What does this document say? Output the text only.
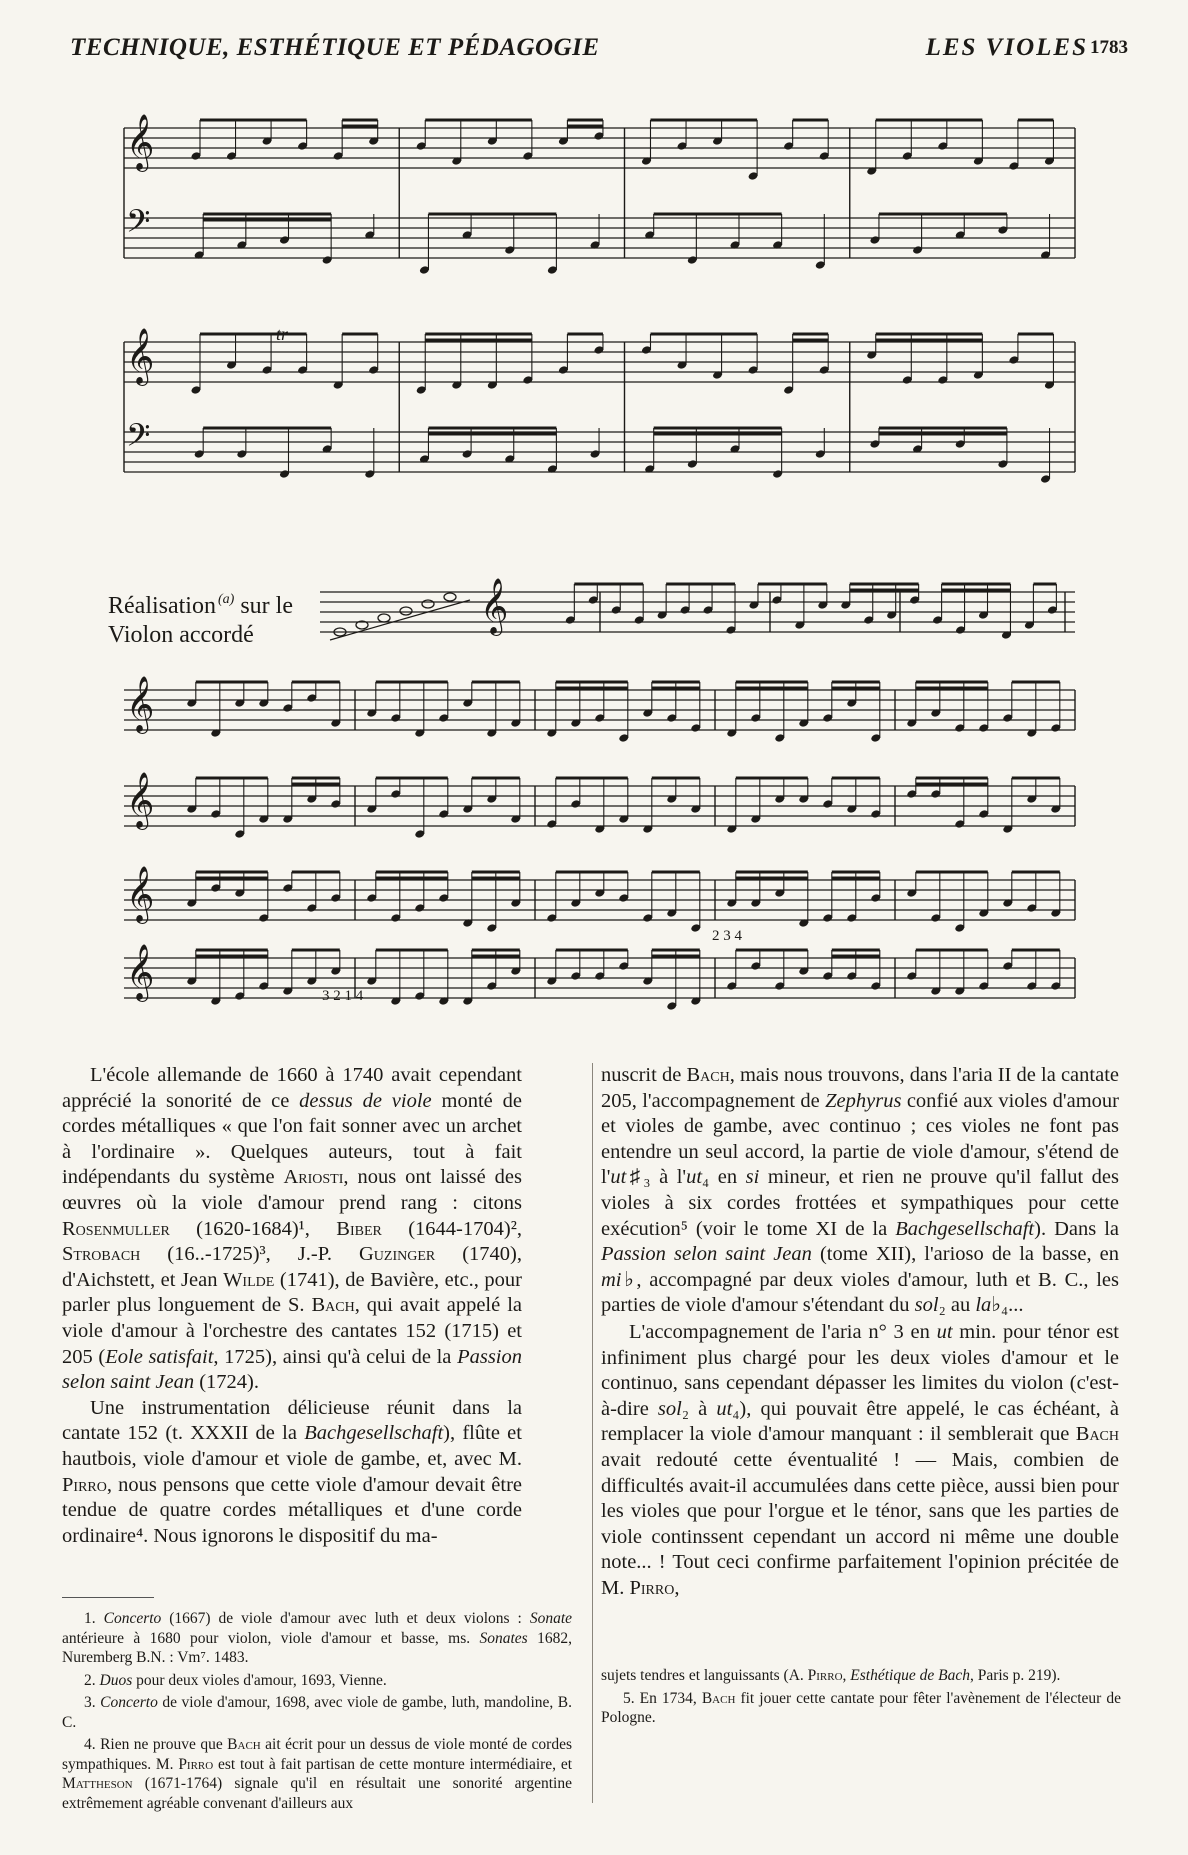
TECHNIQUE, ESTHÉTIQUE ET PÉDAGOGIE	LES VIOLES 1783
𝄞
𝄢
𝄞
𝄢
𝄞
𝄞
𝄞
𝄞
𝄞
tr
3 2 1 4
2 3 4
Réalisation $^{(a)}$ sur le
Violon accordé

L'école allemande de 1660 à 1740 avait cependant apprécié la sonorité de ce dessus de viole monté de cordes métalliques « que l'on fait sonner avec un archet à l'ordinaire ». Quelques auteurs, tout à fait indépendants du système Ariosti, nous ont laissé des œuvres où la viole d'amour prend rang : citons Rosenmuller (1620-1684)¹, Biber (1644-1704)², Strobach (16..-1725)³, J.-P. Guzinger (1740), d'Aichstett, et Jean Wilde (1741), de Bavière, etc., pour parler plus longuement de S. Bach, qui avait appelé la viole d'amour à l'orchestre des cantates 152 (1715) et 205 (Eole satisfait, 1725), ainsi qu'à celui de la Passion selon saint Jean (1724).

Une instrumentation délicieuse réunit dans la cantate 152 (t. XXXII de la Bachgesellschaft), flûte et hautbois, viole d'amour et viole de gambe, et, avec M. Pirro, nous pensons que cette viole d'amour devait être tendue de quatre cordes métalliques et d'une corde ordinaire⁴. Nous ignorons le dispositif du ma-

nuscrit de Bach, mais nous trouvons, dans l'aria II de la cantate 205, l'accompagnement de Zephyrus confié aux violes d'amour et violes de gambe, avec continuo ; ces violes ne font pas entendre un seul accord, la partie de viole d'amour, s'étend de l'ut♯₃ à l'ut₄ en si mineur, et rien ne prouve qu'il fallut des violes à six cordes frottées et sympathiques pour cette exécution⁵ (voir le tome XI de la Bachgesellschaft). Dans la Passion selon saint Jean (tome XII), l'arioso de la basse, en mi♭, accompagné par deux violes d'amour, luth et B. C., les parties de viole d'amour s'étendant du sol₂ au la♭₄...

L'accompagnement de l'aria n° 3 en ut min. pour ténor est infiniment plus chargé pour les deux violes d'amour et le continuo, sans cependant dépasser les limites du violon (c'est-à-dire sol₂ à ut₄), qui pouvait être appelé, le cas échéant, à remplacer la viole d'amour manquant : il semblerait que Bach avait redouté cette éventualité ! — Mais, combien de difficultés avait-il accumulées dans cette pièce, aussi bien pour les violes que pour l'orgue et le ténor, sans que les parties de viole continssent cependant un accord ni même une double note... ! Tout ceci confirme parfaitement l'opinion précitée de M. Pirro,

1. Concerto (1667) de viole d'amour avec luth et deux violons : Sonate antérieure à 1680 pour violon, viole d'amour et basse, ms. Sonates 1682, Nuremberg B.N. : Vm⁷. 1483.

2. Duos pour deux violes d'amour, 1693, Vienne.

3. Concerto de viole d'amour, 1698, avec viole de gambe, luth, mandoline, B. C.

4. Rien ne prouve que Bach ait écrit pour un dessus de viole monté de cordes sympathiques. M. Pirro est tout à fait partisan de cette monture intermédiaire, et Mattheson (1671-1764) signale qu'il en résultait une sonorité argentine extrêmement agréable convenant d'ailleurs aux

sujets tendres et languissants (A. Pirro, Esthétique de Bach, Paris p. 219).

5. En 1734, Bach fit jouer cette cantate pour fêter l'avènement de l'électeur de Pologne.
